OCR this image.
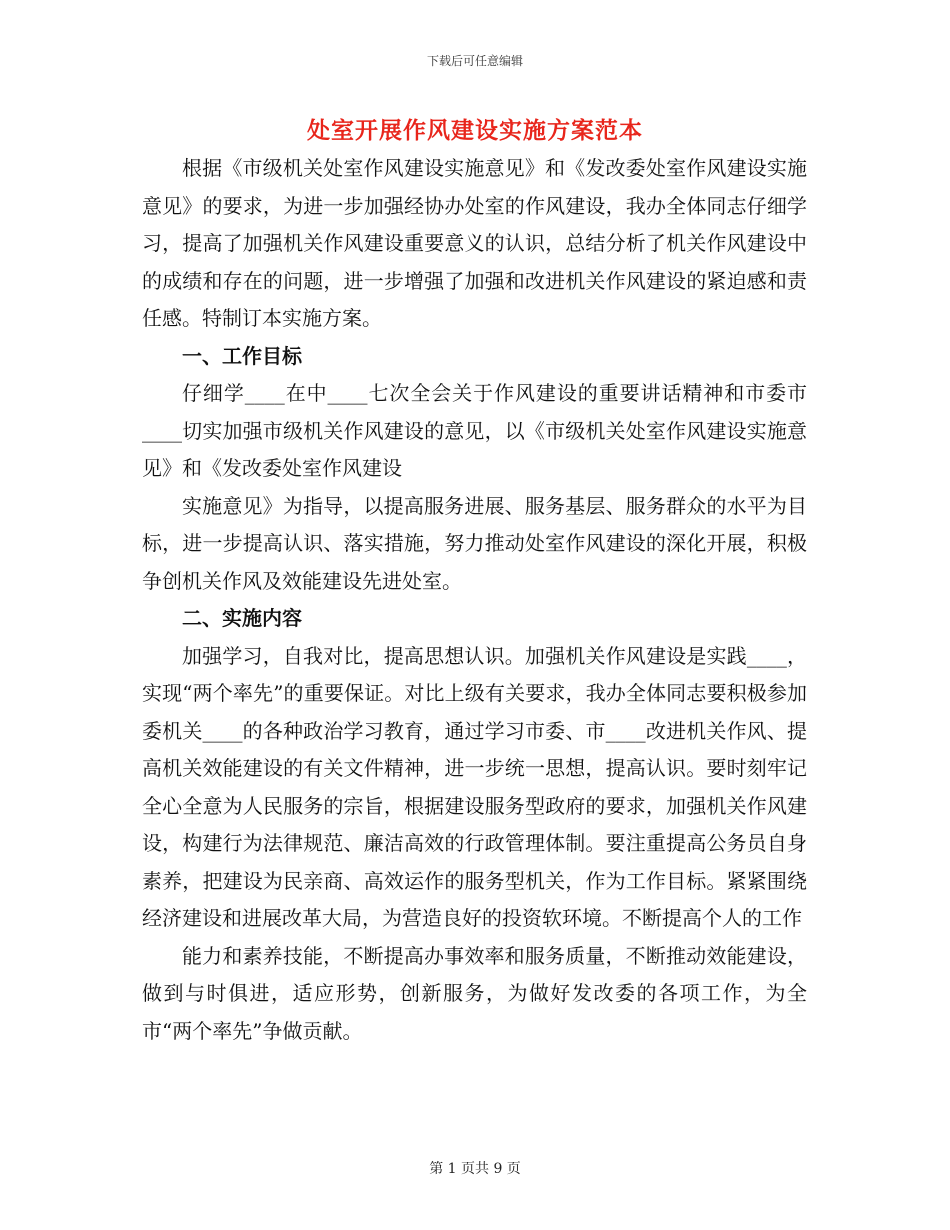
下载后可任意编辑
处室开展作风建设实施方案范本

根据《市级机关处室作风建设实施意见》和《发改委处室作风建设实施意见》的要求，为进一步加强经协办处室的作风建设，我办全体同志仔细学习，提高了加强机关作风建设重要意义的认识，总结分析了机关作风建设中的成绩和存在的问题，进一步增强了加强和改进机关作风建设的紧迫感和责任感。特制订本实施方案。

一、工作目标

仔细学____在中____七次全会关于作风建设的重要讲话精神和市委市____切实加强市级机关作风建设的意见，以《市级机关处室作风建设实施意见》和《发改委处室作风建设

实施意见》为指导，以提高服务进展、服务基层、服务群众的水平为目标，进一步提高认识、落实措施，努力推动处室作风建设的深化开展，积极争创机关作风及效能建设先进处室。

二、实施内容

加强学习，自我对比，提高思想认识。加强机关作风建设是实践____，实现“两个率先”的重要保证。对比上级有关要求，我办全体同志要积极参加委机关____的各种政治学习教育，通过学习市委、市____改进机关作风、提高机关效能建设的有关文件精神，进一步统一思想，提高认识。要时刻牢记全心全意为人民服务的宗旨，根据建设服务型政府的要求，加强机关作风建设，构建行为法律规范、廉洁高效的行政管理体制。要注重提高公务员自身素养，把建设为民亲商、高效运作的服务型机关，作为工作目标。紧紧围绕经济建设和进展改革大局，为营造良好的投资软环境。不断提高个人的工作

能力和素养技能，不断提高办事效率和服务质量，不断推动效能建设，做到与时俱进，适应形势，创新服务，为做好发改委的各项工作，为全市“两个率先”争做贡献。

第 1 页共 9 页
